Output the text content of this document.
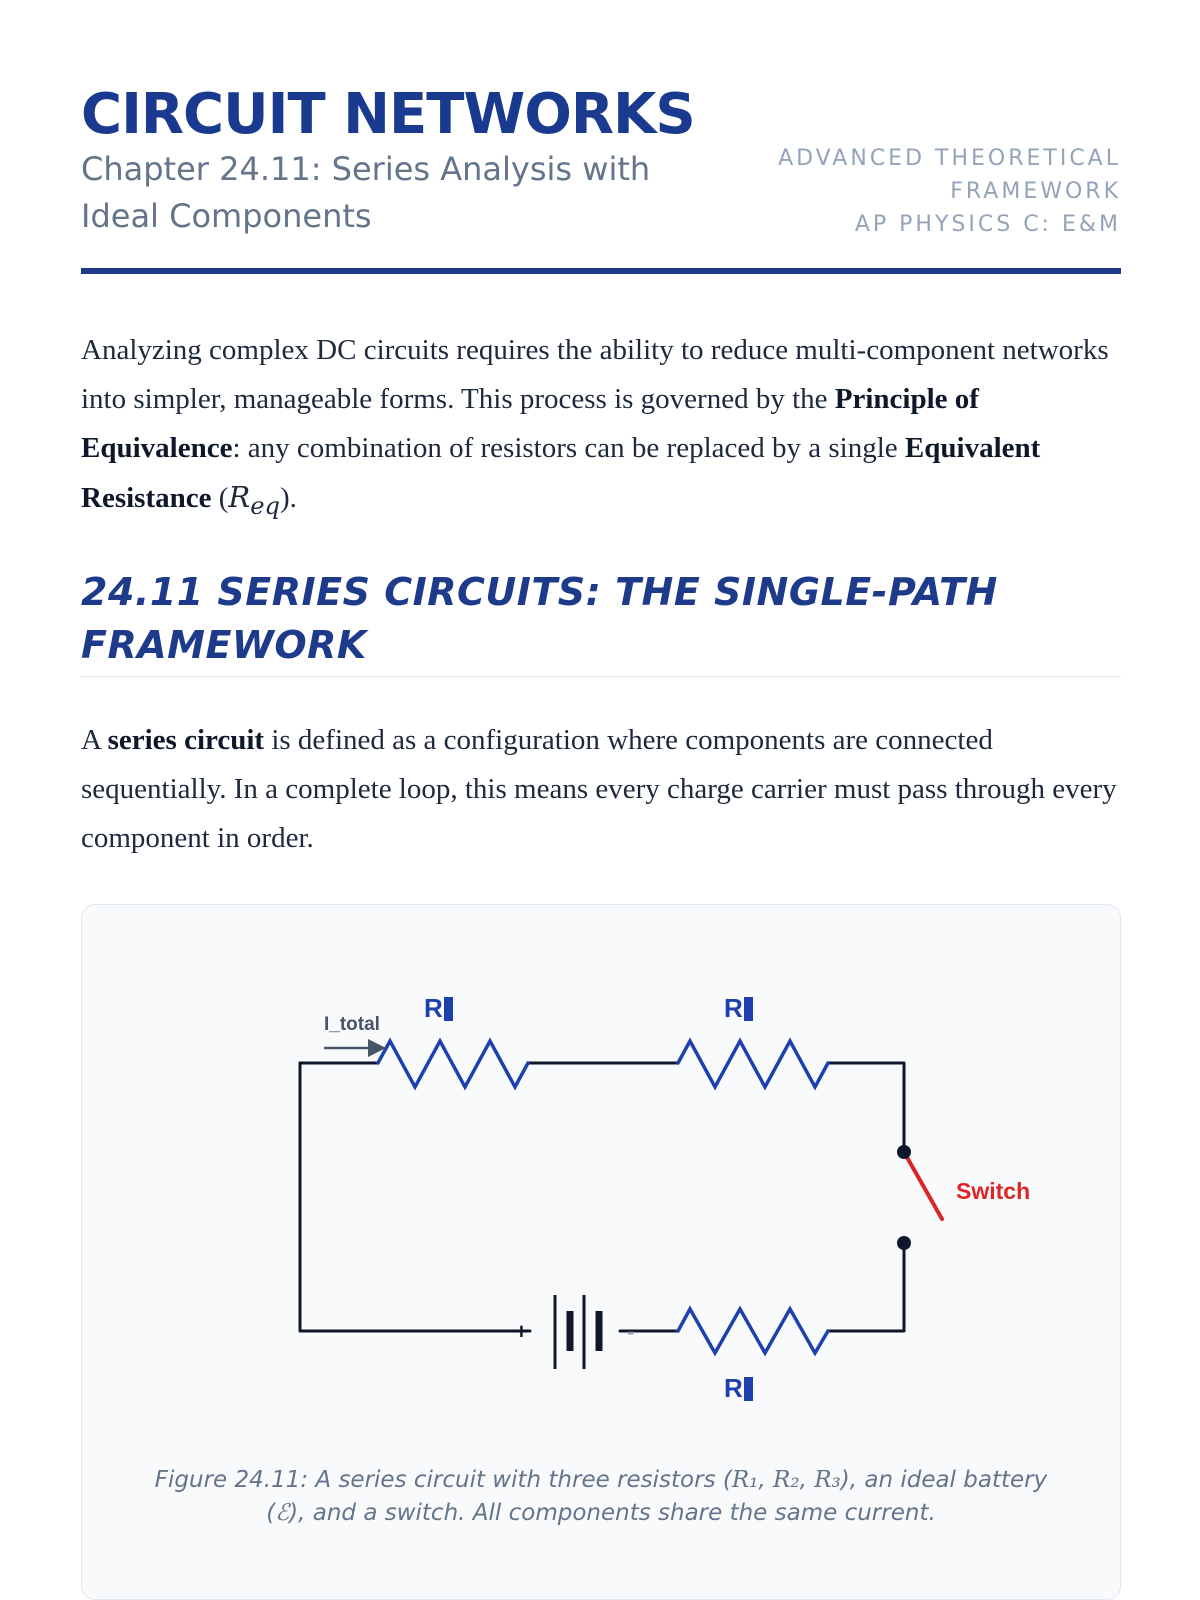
CIRCUIT NETWORKS

Chapter 24.11: Series Analysis with Ideal Components

ADVANCED THEORETICAL FRAMEWORK
AP PHYSICS C: E&M

Analyzing complex DC circuits requires the ability to reduce multi-component networks into simpler, manageable forms. This process is governed by the Principle of Equivalence: any combination of resistors can be replaced by a single Equivalent Resistance $(R_{eq})$.

24.11 SERIES CIRCUITS: THE SINGLE-PATH FRAMEWORK

A series circuit is defined as a configuration where components are connected sequentially. In a complete loop, this means every charge carrier must pass through every component in order.

R	R
R
I_total
Switch
+	-

Figure 24.11: A series circuit with three resistors (R₁, R₂, R₃), an ideal battery (ℰ), and a switch. All components share the same current.
